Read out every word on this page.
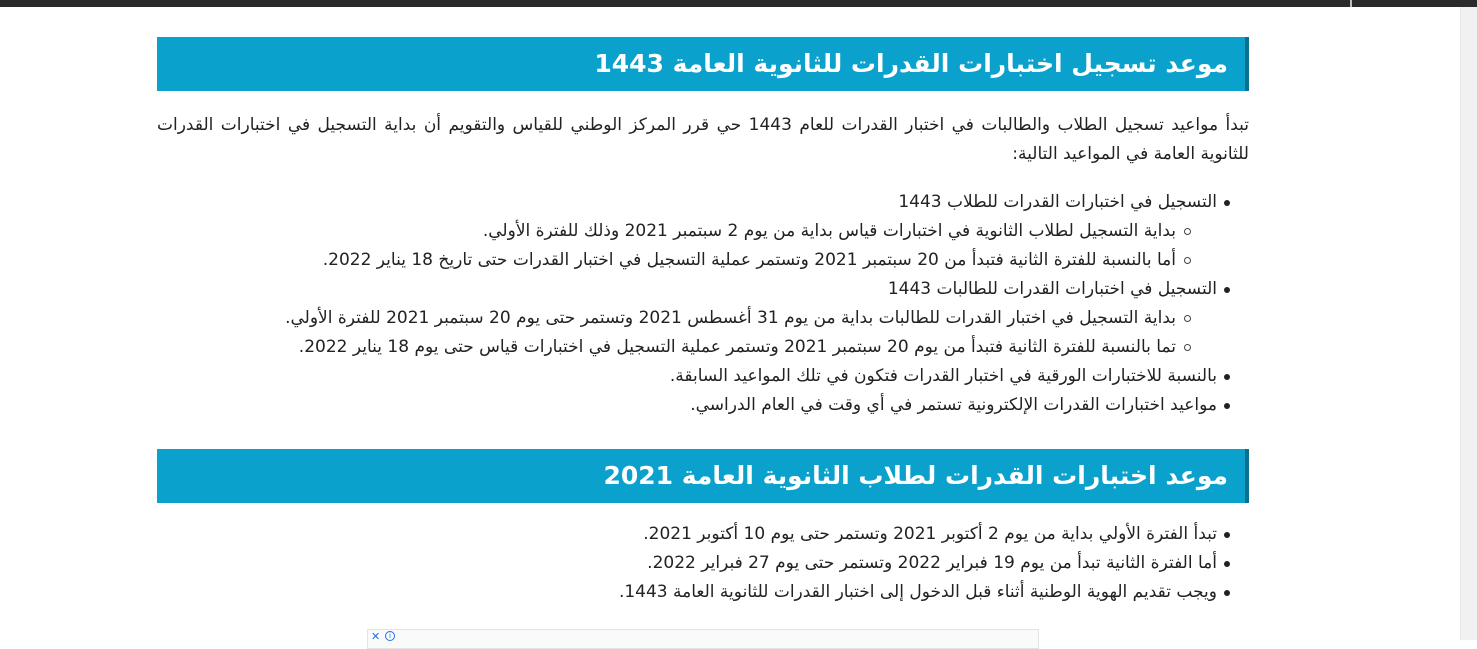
موعد تسجيل اختبارات القدرات للثانوية العامة 1443

تبدأ مواعيد تسجيل الطلاب والطالبات في اختبار القدرات للعام 1443 حي قرر المركز الوطني للقياس والتقويم أن بداية التسجيل في اختبارات القدرات للثانوية العامة في المواعيد التالية:

التسجيل في اختبارات القدرات للطلاب 1443
بداية التسجيل لطلاب الثانوية في اختبارات قياس بداية من يوم 2 سبتمبر 2021 وذلك للفترة الأولي.
أما بالنسبة للفترة الثانية فتبدأ من 20 سبتمبر 2021 وتستمر عملية التسجيل في اختبار القدرات حتى تاريخ 18 يناير 2022.
التسجيل في اختبارات القدرات للطالبات 1443
بداية التسجيل في اختبار القدرات للطالبات بداية من يوم 31 أغسطس 2021 وتستمر حتى يوم 20 سبتمبر 2021 للفترة الأولي.
تما بالنسبة للفترة الثانية فتبدأ من يوم 20 سبتمبر 2021 وتستمر عملية التسجيل في اختبارات قياس حتى يوم 18 يناير 2022.
بالنسبة للاختبارات الورقية في اختبار القدرات فتكون في تلك المواعيد السابقة.
مواعيد اختبارات القدرات الإلكترونية تستمر في أي وقت في العام الدراسي.
موعد اختبارات القدرات لطلاب الثانوية العامة 2021
تبدأ الفترة الأولي بداية من يوم 2 أكتوبر 2021 وتستمر حتى يوم 10 أكتوبر 2021.
أما الفترة الثانية تبدأ من يوم 19 فبراير 2022 وتستمر حتى يوم 27 فبراير 2022.
ويجب تقديم الهوية الوطنية أثناء قبل الدخول إلى اختبار القدرات للثانوية العامة 1443.
✕	i
